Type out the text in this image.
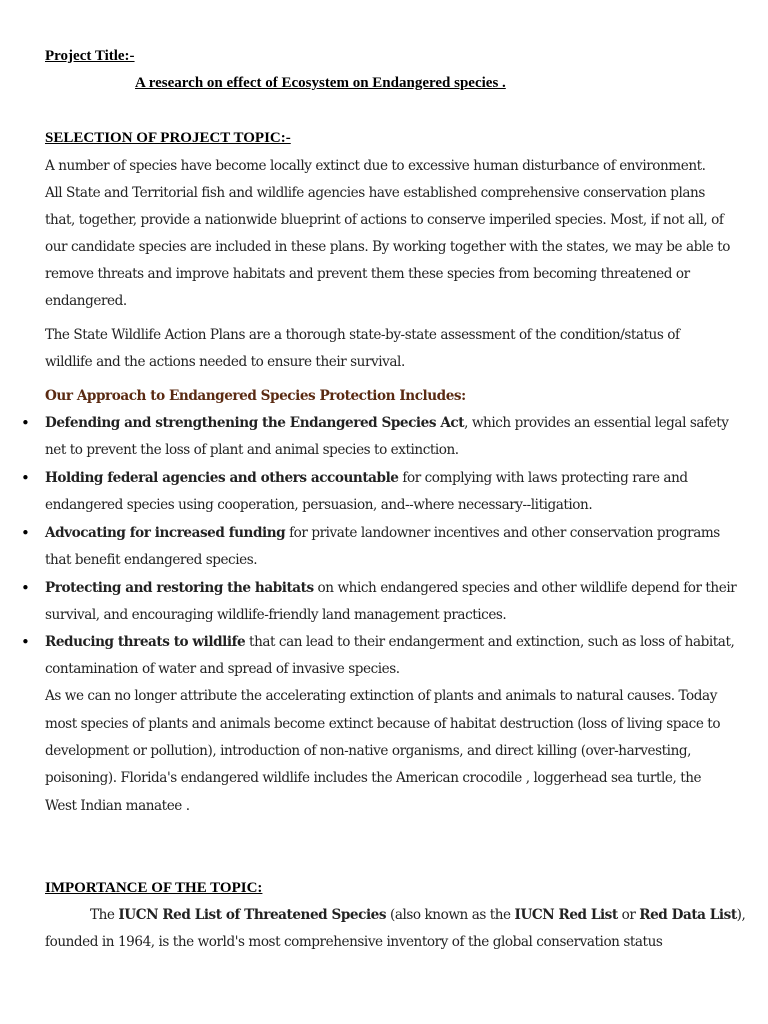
Project Title:-
A research on effect of Ecosystem on Endangered species .
SELECTION OF PROJECT TOPIC:-
A number of species have become locally extinct due to excessive human disturbance of environment.
All State and Territorial fish and wildlife agencies have established comprehensive conservation plans
that, together, provide a nationwide blueprint of actions to conserve imperiled species. Most, if not all, of
our candidate species are included in these plans. By working together with the states, we may be able to
remove threats and improve habitats and prevent them these species from becoming threatened or
endangered.
The State Wildlife Action Plans are a thorough state-by-state assessment of the condition/status of
wildlife and the actions needed to ensure their survival.
Our Approach to Endangered Species Protection Includes:
• Defending and strengthening the Endangered Species Act, which provides an essential legal safety
net to prevent the loss of plant and animal species to extinction.
• Holding federal agencies and others accountable for complying with laws protecting rare and
endangered species using cooperation, persuasion, and--where necessary--litigation.
• Advocating for increased funding for private landowner incentives and other conservation programs
that benefit endangered species.
• Protecting and restoring the habitats on which endangered species and other wildlife depend for their
survival, and encouraging wildlife-friendly land management practices.
• Reducing threats to wildlife that can lead to their endangerment and extinction, such as loss of habitat,
contamination of water and spread of invasive species.
As we can no longer attribute the accelerating extinction of plants and animals to natural causes. Today
most species of plants and animals become extinct because of habitat destruction (loss of living space to
development or pollution), introduction of non-native organisms, and direct killing (over-harvesting,
poisoning). Florida's endangered wildlife includes the American crocodile , loggerhead sea turtle, the
West Indian manatee .
IMPORTANCE OF THE TOPIC:
The IUCN Red List of Threatened Species (also known as the IUCN Red List or Red Data List),
founded in 1964, is the world's most comprehensive inventory of the global conservation status
